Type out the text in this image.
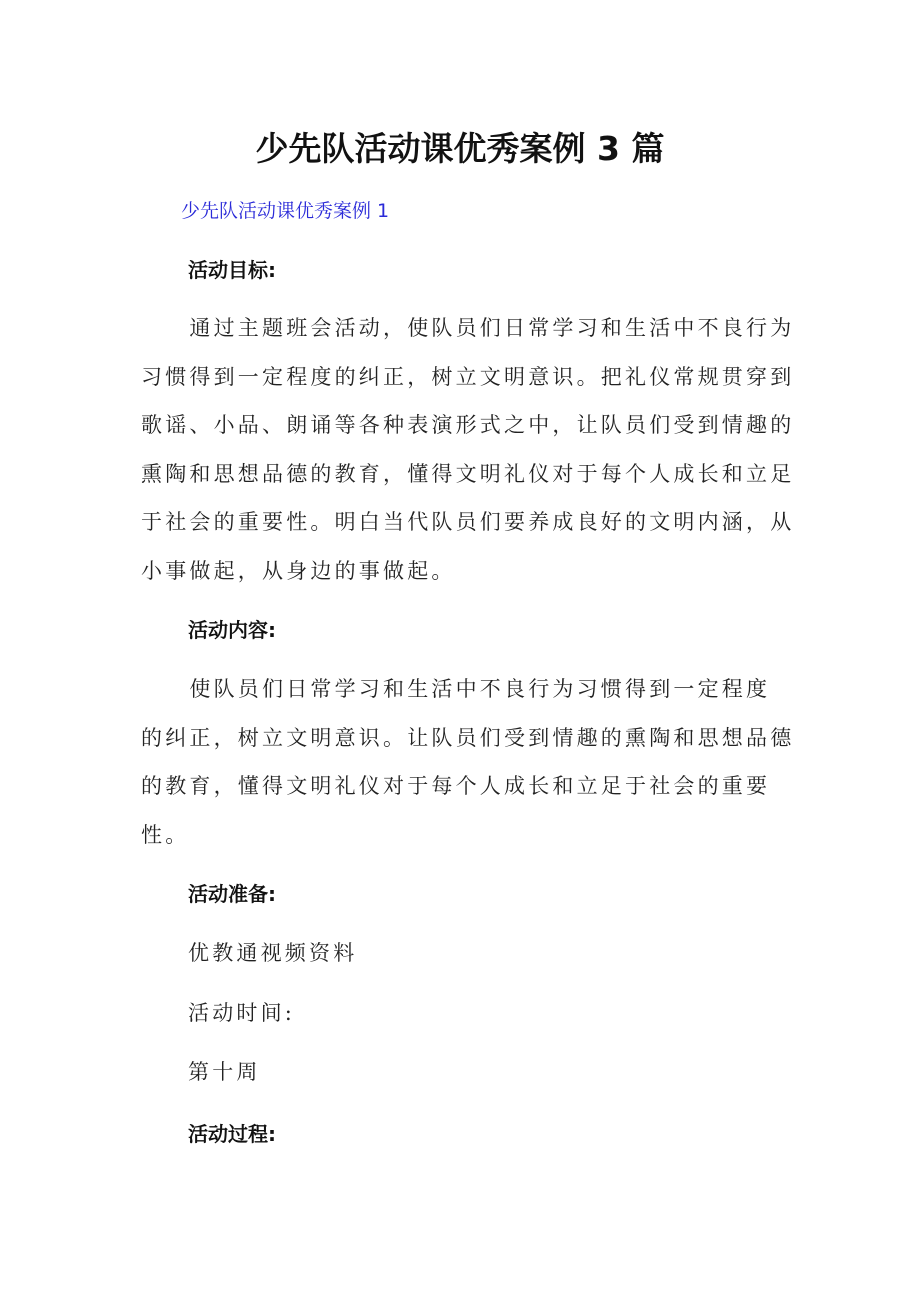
少先队活动课优秀案例 3 篇
少先队活动课优秀案例 1
活动目标:
　　通过主题班会活动，使队员们日常学习和生活中不良行为
习惯得到一定程度的纠正，树立文明意识。把礼仪常规贯穿到
歌谣、小品、朗诵等各种表演形式之中，让队员们受到情趣的
熏陶和思想品德的教育，懂得文明礼仪对于每个人成长和立足
于社会的重要性。明白当代队员们要养成良好的文明内涵，从
小事做起，从身边的事做起。
活动内容:
　　使队员们日常学习和生活中不良行为习惯得到一定程度
的纠正，树立文明意识。让队员们受到情趣的熏陶和思想品德
的教育，懂得文明礼仪对于每个人成长和立足于社会的重要
性。
活动准备:
优教通视频资料
活动时间:
第十周
活动过程:
